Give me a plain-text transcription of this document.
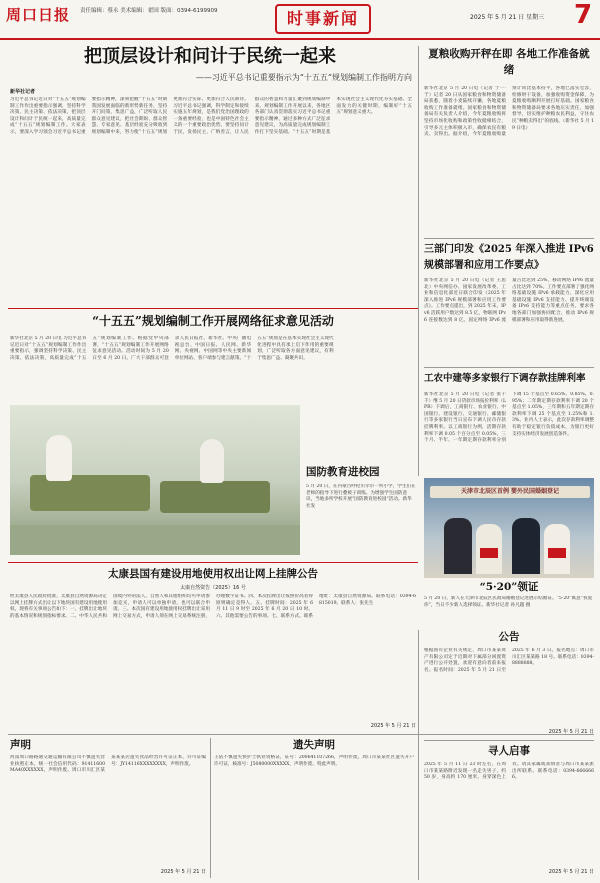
周口日报 责任编辑：蔡永 美术编辑：翟国 版面：0394-6199909	时事新闻	2025 年 5 月 21 日 星期三 7
把顶层设计和问计于民统一起来
——习近平总书记重要指示为“十五五”规划编制工作指明方向
新华社记者
习近平总书记近日对“十五五”规划编制工作作出重要指示强调，坚持科学决策、民主决策、依法决策，把顶层设计和问计于民统一起来，高质量完成“十五五”规划编制工作。大家表示，要深入学习领会习近平总书记重要指示精神，深刻把握“十五五”时期我国发展面临的新形势新任务，坚持开门问策，集思广益，广泛听取人民群众意见建议，把社会期盼、群众智慧、专家意见、基层经验充分吸收到规划编制中来，努力使“十五五”规划更加符合实际、更加符合人民期待。习近平总书记强调，科学制定和接续实施五年规划，是我们党治国理政的一条重要经验，也是中国特色社会主义的一个重要政治优势。要坚持问计于民，发扬民主，广纳善言，让人民群众的智慧和力量汇聚到规划编制中来。规划编制工作开展以来，各地区各部门认真贯彻落实习近平总书记重要指示精神，通过多种方式广泛征求意见建议，为高质量完成规划编制工作打下坚实基础。“十五五”时期是基本实现社会主义现代化夯实基础、全面发力的关键时期，编制好“十五五”规划意义重大。
夏粮收购开秤在即 各地工作准备就绪
新华社北京 5 月 20 日电（记者 于一·于）记者 20 日从国家粮食和物资储备局获悉，随着小麦陆续开镰，各地夏粮收购工作准备就绪。国家粮食和物资储备局有关负责人介绍，今年夏粮收购将坚持市场化收购和政策性收储相结合，引导多元主体积极入市，确保农民有粮卖、卖得出。据介绍，今年夏粮收购量预计同比基本持平，各地已落实仓容，检修烘干设备，加强收购资金保障，为夏粮收购顺利开展打好基础。国家粮食和物资储备局要求各地压实责任，加强督导，切实维护种粮农民利益，守住农民“种粮卖得出”的底线。（新华社 5 月 19 日电）
三部门印发《2025 年深入推进 IPv6 规模部署和应用工作要点》
新华社北京 5 月 20 日电（记者 王思北）中央网信办、国家发展改革委、工业和信息化部近日联合印发《2025 年深入推进 IPv6 规模部署和应用工作要点》。工作要点提出，到 2025 年末，IPv6 活跃用户数达到 8.5 亿，物联网 IPv6 连接数达到 8 亿，固定网络 IPv6 流量占比达到 25%，移动网络 IPv6 流量占比达到 70%。工作要点部署了强化网络基础设施 IPv6 承载能力、深化应用基础设施 IPv6 支持能力、提升终端设备 IPv6 支持能力等重点任务，要求各地各部门加强协同配合，推动 IPv6 规模部署和应用取得新进展。
工农中建等多家银行下调存款挂牌利率
新华社北京 5 月 20 日电（记者 张千千）继 5 月 20 日贷款市场报价利率（LPR）下调后，工商银行、农业银行、中国银行、建设银行、交通银行、邮储银行等多家银行当日宣布下调人民币存款挂牌利率。以工商银行为例，活期存款利率下调 0.05 个百分点至 0.05%，三个月、半年、一年期定期存款利率分别下调 15 个基点至 0.65%、0.85%、0.95%；二年期定期存款利率下调 20 个基点至 1.05%，三年期和五年期定期存款利率下调 25 个基点至 1.25%和 1.3%。业内人士表示，此次存款利率调整有助于稳定银行负债成本，为银行更好支持实体经济发展创造条件。
天津市北辰区首例 婴外民国婚姻登记
“5·20”领证
5 月 20 日，新人在天津市北辰区民政局婚姻登记处展示结婚证。“5·20”寓意“我爱你”，当日不少新人选择领证。新华社记者 孙凡越 摄
“十五五”规划编制工作开展网络征求意见活动
新华社北京 5 月 20 日电 习近平总书记近日对“十五五”规划编制工作作出重要指示，强调坚持科学决策、民主决策、依法决策，高质量完成“十五五”规划编制工作。根据党中央部署，“十五五”规划编制工作开展网络征求意见活动。活动时间为 5 月 20 日至 6 月 20 日。广大干部群众可登录人民日报社、新华社、中央广播电视总台、中国日报、人民网、新华网、央视网、中国网等中央主要新闻单位网站、客户端参与建言献策。“十五五”规划是在基本实现社会主义现代化进程中具有承上启下作用的重要规划，广泛听取各方面意见建议，有利于集思广益、凝聚共识。
国防教育进校园
5 月 20 日，在内蒙古呼伦贝尔市一所小学，学生们在老师的指导下进行叠被子训练。为增强学生国防意识，当地多所学校开展“国防教育进校园”活动。新华社发
太康县国有建设用地使用权出让网上挂牌公告
太康自然资告（2025）16 号
经太康县人民政府批准，太康县自然资源局决定以网上挂牌方式出让以下地块国有建设用地使用权。现将有关事项公告如下：一、挂牌出让地块的基本情况和规划指标要求。二、中华人民共和国境内外的法人、自然人和其他组织均可申请参加竞买，申请人可以单独申请，也可以联合申请。三、本次国有建设用地使用权挂牌出让采用网上交易方式，申请人须在网上交易系统注册，办理数字证书。四、本次挂牌出让按照价高者得原则确定竞得人。五、挂牌时间：2025 年 6 月 11 日 9 时至 2025 年 6 月 20 日 10 时。六、其他需要公告的事项。七、联系方式。联系地址：太康县自然资源局。联系电话：0394-6815019。联系人：张先生
2025 年 5 月 21 日
声明
河南周口路路通交通运输有限公司不慎遗失营业执照正本，统一社会信用代码：91411600MA40XXXXXX，声明作废。周口市川汇区某某某某店遗失食品经营许可证正本，许可证编号：JY14116XXXXXXXX，声明作废。
2025 年 5 月 21 日
遗失声明
王依不慎遗失快护士执业资格证，证号：200641107266，声明作废。周口市某某社区遗失开户许可证，核准号：J5080000XXXXX，声明作废。特此声明。
公告
根据国有企业有关规定，周口市某某资产有限公司定于近期对下属部分闲置资产进行公开处置，欢迎有意向者前来报名。报名时间：2025 年 5 月 21 日至 2025 年 6 月 3 日。报名地点：周口市川汇区某某路 18 号。联系电话：0394-8888888。
2025 年 5 月 21 日
寻人启事
2025 年 5 月 11 日 23 时左右，在周口市某某路附近发现一名走失男子，约 50 岁，身高约 170 厘米，身穿深色上衣。请其家属或知情者与周口市某某派出所联系。联系电话：0394-6666666。
2025 年 5 月 21 日
